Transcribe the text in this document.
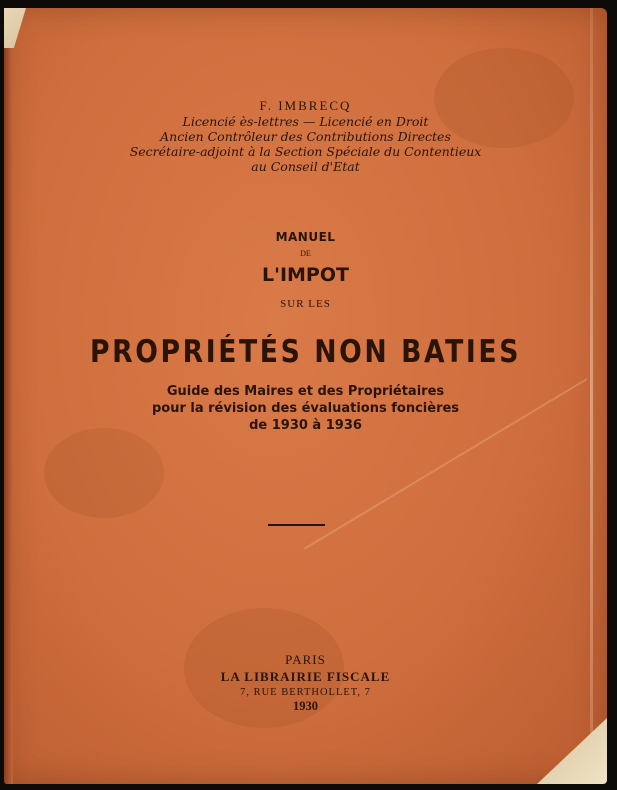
F. IMBRECQ
Licencié ès-lettres — Licencié en Droit
Ancien Contrôleur des Contributions Directes
Secrétaire-adjoint à la Section Spéciale du Contentieux
au Conseil d'Etat
MANUEL
DE
L'IMPOT
SUR LES
PROPRIÉTÉS NON BATIES
Guide des Maires et des Propriétaires
pour la révision des évaluations foncières
de 1930 à 1936
PARIS
LA LIBRAIRIE FISCALE
7, RUE BERTHOLLET, 7
1930
